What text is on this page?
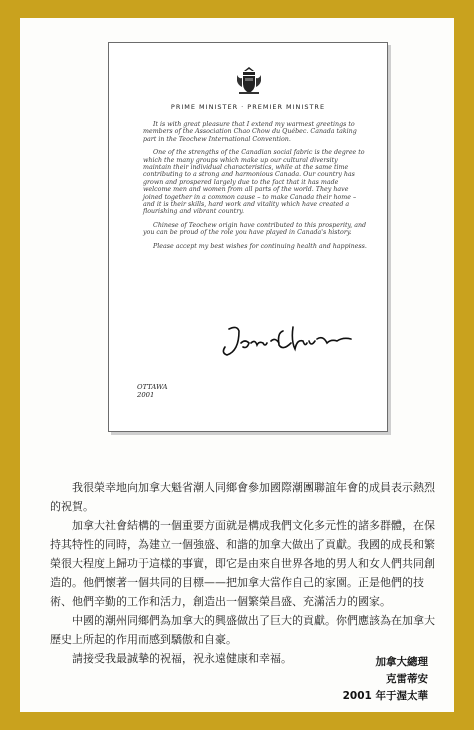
PRIME MINISTER · PREMIER MINISTRE

It is with great pleasure that I extend my warmest greetings to members of the Association Chao Chow du Québec. Canada taking part in the Teochew International Convention.

One of the strengths of the Canadian social fabric is the degree to which the many groups which make up our cultural diversity maintain their individual characteristics, while at the same time contributing to a strong and harmonious Canada. Our country has grown and prospered largely due to the fact that it has made welcome men and women from all parts of the world. They have joined together in a common cause – to make Canada their home – and it is their skills, hard work and vitality which have created a flourishing and vibrant country.

Chinese of Teochew origin have contributed to this prosperity, and you can be proud of the role you have played in Canada's history.

Please accept my best wishes for continuing health and happiness.

OTTAWA
2001

我很榮幸地向加拿大魁省潮人同鄉會參加國際潮團聯誼年會的成員表示熱烈的祝賀。

加拿大社會結構的一個重要方面就是構成我們文化多元性的諸多群體，在保持其特性的同時，為建立一個強盛、和諧的加拿大做出了貢獻。我國的成長和繁榮很大程度上歸功于這樣的事實，即它是由來自世界各地的男人和女人們共同創造的。他們懷著一個共同的目標——把加拿大當作自己的家園。正是他們的技術、他們辛勤的工作和活力，創造出一個繁榮昌盛、充滿活力的國家。

中國的潮州同鄉們為加拿大的興盛做出了巨大的貢獻。你們應該為在加拿大歷史上所起的作用而感到驕傲和自豪。

請接受我最誠摯的祝福，祝永遠健康和幸福。	加拿大總理
克雷蒂安
2001 年于渥太華
